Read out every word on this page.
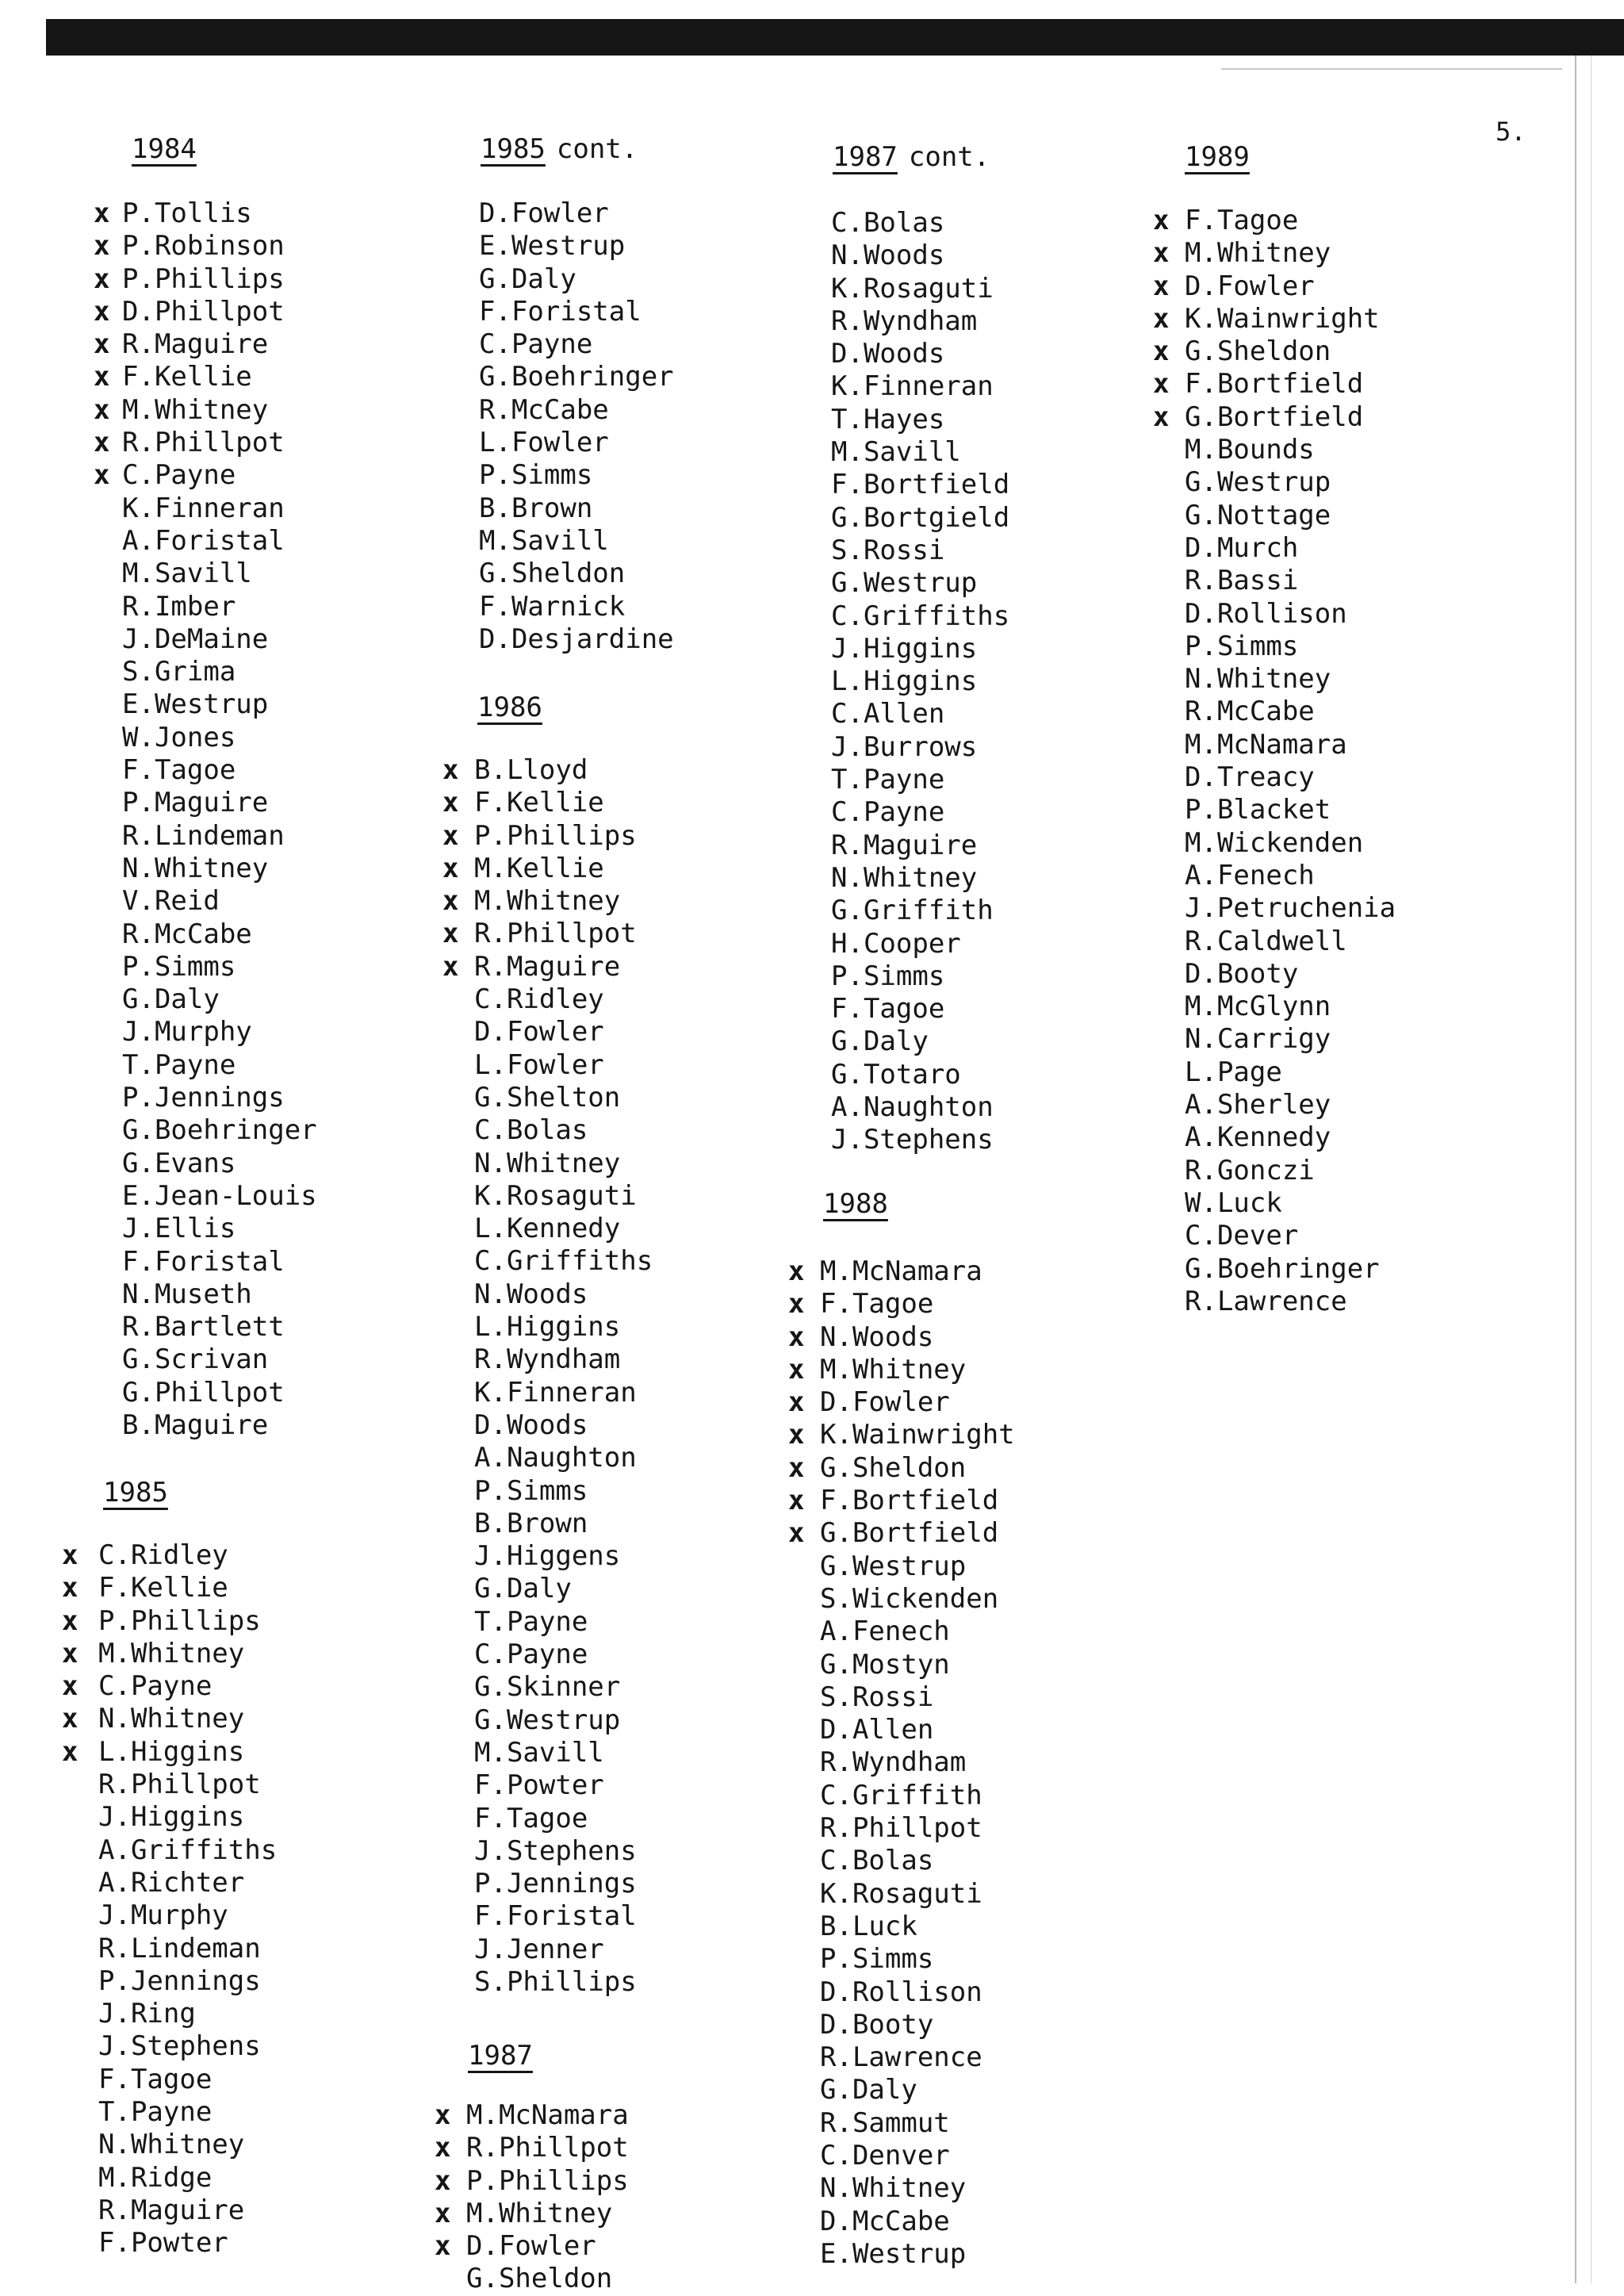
5.
1984
x P.Tollis
x P.Robinson
x P.Phillips
x D.Phillpot
x R.Maguire
x F.Kellie
x M.Whitney
x R.Phillpot
x C.Payne
K.Finneran
A.Foristal
M.Savill
R.Imber
J.DeMaine
S.Grima
E.Westrup
W.Jones
F.Tagoe
P.Maguire
R.Lindeman
N.Whitney
V.Reid
R.McCabe
P.Simms
G.Daly
J.Murphy
T.Payne
P.Jennings
G.Boehringer
G.Evans
E.Jean-Louis
J.Ellis
F.Foristal
N.Museth
R.Bartlett
G.Scrivan
G.Phillpot
B.Maguire
1985
x C.Ridley
x F.Kellie
x P.Phillips
x M.Whitney
x C.Payne
x N.Whitney
x L.Higgins
R.Phillpot
J.Higgins
A.Griffiths
A.Richter
J.Murphy
R.Lindeman
P.Jennings
J.Ring
J.Stephens
F.Tagoe
T.Payne
N.Whitney
M.Ridge
R.Maguire
F.Powter
1985 cont.
D.Fowler
E.Westrup
G.Daly
F.Foristal
C.Payne
G.Boehringer
R.McCabe
L.Fowler
P.Simms
B.Brown
M.Savill
G.Sheldon
F.Warnick
D.Desjardine
1986
x B.Lloyd
x F.Kellie
x P.Phillips
x M.Kellie
x M.Whitney
x R.Phillpot
x R.Maguire
C.Ridley
D.Fowler
L.Fowler
G.Shelton
C.Bolas
N.Whitney
K.Rosaguti
L.Kennedy
C.Griffiths
N.Woods
L.Higgins
R.Wyndham
K.Finneran
D.Woods
A.Naughton
P.Simms
B.Brown
J.Higgens
G.Daly
T.Payne
C.Payne
G.Skinner
G.Westrup
M.Savill
F.Powter
F.Tagoe
J.Stephens
P.Jennings
F.Foristal
J.Jenner
S.Phillips
1987
x M.McNamara
x R.Phillpot
x P.Phillips
x M.Whitney
x D.Fowler
G.Sheldon
1987 cont.
C.Bolas
N.Woods
K.Rosaguti
R.Wyndham
D.Woods
K.Finneran
T.Hayes
M.Savill
F.Bortfield
G.Bortgield
S.Rossi
G.Westrup
C.Griffiths
J.Higgins
L.Higgins
C.Allen
J.Burrows
T.Payne
C.Payne
R.Maguire
N.Whitney
G.Griffith
H.Cooper
P.Simms
F.Tagoe
G.Daly
G.Totaro
A.Naughton
J.Stephens
1988
x M.McNamara
x F.Tagoe
x N.Woods
x M.Whitney
x D.Fowler
x K.Wainwright
x G.Sheldon
x F.Bortfield
x G.Bortfield
G.Westrup
S.Wickenden
A.Fenech
G.Mostyn
S.Rossi
D.Allen
R.Wyndham
C.Griffith
R.Phillpot
C.Bolas
K.Rosaguti
B.Luck
P.Simms
D.Rollison
D.Booty
R.Lawrence
G.Daly
R.Sammut
C.Denver
N.Whitney
D.McCabe
E.Westrup
1989
x F.Tagoe
x M.Whitney
x D.Fowler
x K.Wainwright
x G.Sheldon
x F.Bortfield
x G.Bortfield
M.Bounds
G.Westrup
G.Nottage
D.Murch
R.Bassi
D.Rollison
P.Simms
N.Whitney
R.McCabe
M.McNamara
D.Treacy
P.Blacket
M.Wickenden
A.Fenech
J.Petruchenia
R.Caldwell
D.Booty
M.McGlynn
N.Carrigy
L.Page
A.Sherley
A.Kennedy
R.Gonczi
W.Luck
C.Dever
G.Boehringer
R.Lawrence
